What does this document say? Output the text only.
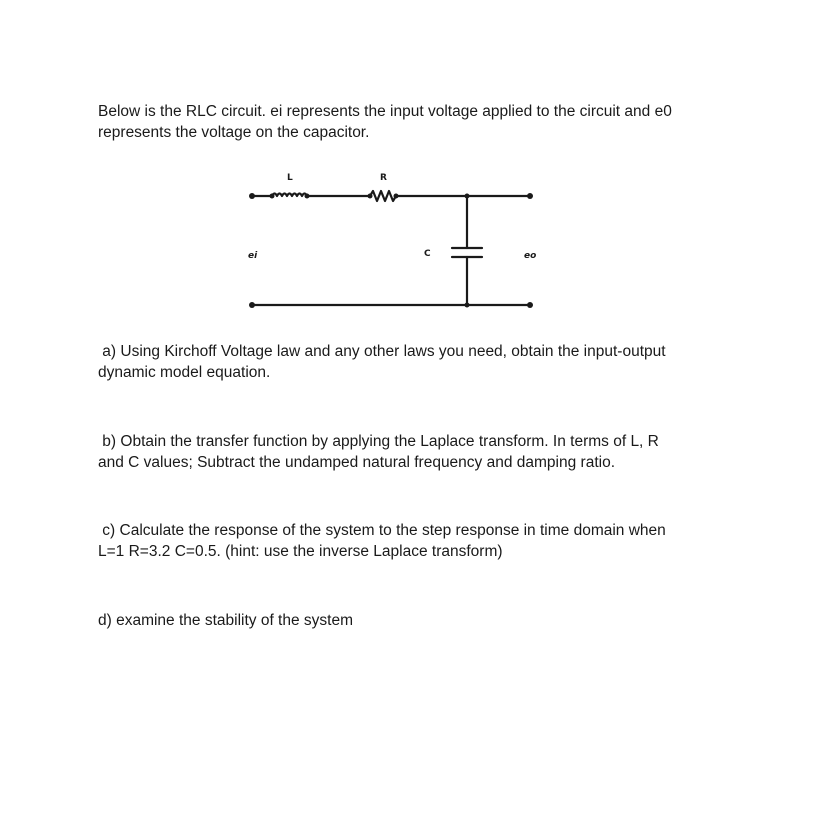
Below is the RLC circuit. ei represents the input voltage applied to the circuit and e0
represents the voltage on the capacitor.
L	R
C
ei	eo
a) Using Kirchoff Voltage law and any other laws you need, obtain the input-output
dynamic model equation.
b) Obtain the transfer function by applying the Laplace transform. In terms of L, R
and C values; Subtract the undamped natural frequency and damping ratio.
c) Calculate the response of the system to the step response in time domain when
L=1 R=3.2 C=0.5. (hint: use the inverse Laplace transform)
d) examine the stability of the system
